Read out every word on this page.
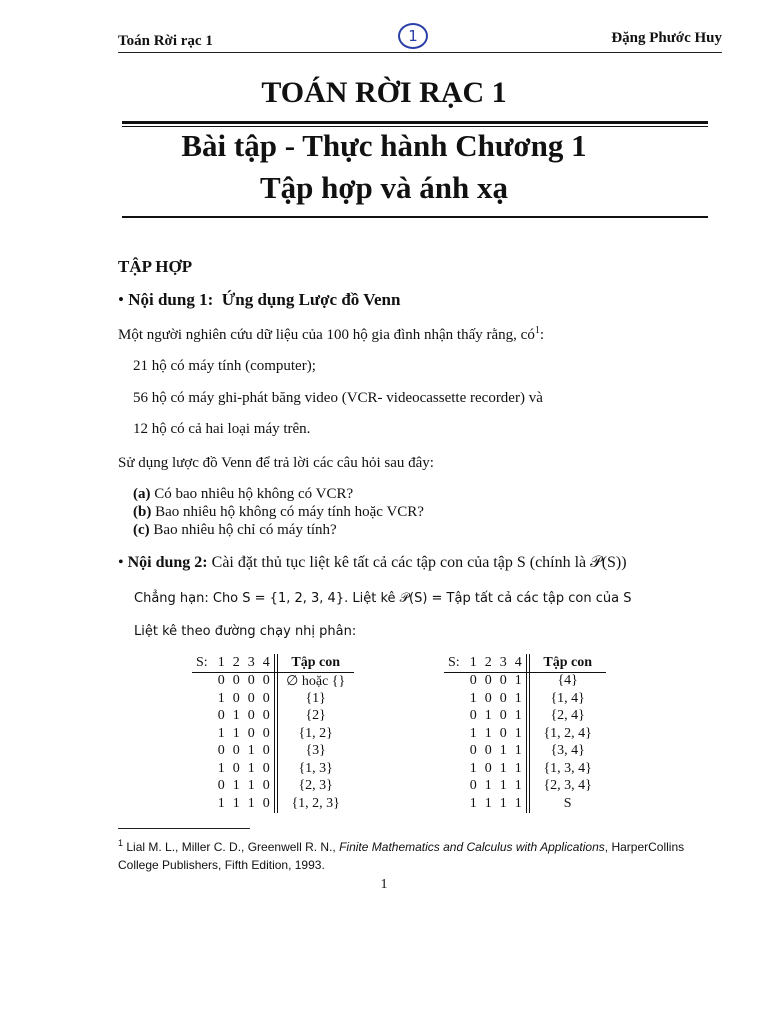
Toán Rời rạc 1	1	Đặng Phước Huy
TOÁN RỜI RẠC 1
Bài tập - Thực hành Chương 1
Tập hợp và ánh xạ
TẬP HỢP
• Nội dung 1: Ứng dụng Lược đồ Venn
Một người nghiên cứu dữ liệu của 100 hộ gia đình nhận thấy rằng, $có^1$:
21 hộ có máy tính (computer);
56 hộ có máy ghi-phát băng video (VCR- videocassette recorder) và
12 hộ có cả hai loại máy trên.
Sử dụng lược đồ Venn để trả lời các câu hỏi sau đây:
(a) Có bao nhiêu hộ không có VCR?
(b) Bao nhiêu hộ không có máy tính hoặc VCR?
(c) Bao nhiêu hộ chỉ có máy tính?
• Nội dung 2: Cài đặt thủ tục liệt kê tất cả các tập con của tập S (chính là 𝒫(S))
Chẳng hạn: Cho S = {1, 2, 3, 4}. Liệt kê 𝒫(S) = Tập tất cả các tập con của S
Liệt kê theo đường chạy nhị phân:
S:	1	2	3	4		Tập con
	0	0	0	0		∅ hoặc {}
	1	0	0	0		{1}
	0	1	0	0		{2}
	1	1	0	0		{1, 2}
	0	0	1	0		{3}
	1	0	1	0		{1, 3}
	0	1	1	0		{2, 3}
	1	1	1	0		{1, 2, 3}
S:	1	2	3	4		Tập con
	0	0	0	1		{4}
	1	0	0	1		{1, 4}
	0	1	0	1		{2, 4}
	1	1	0	1		{1, 2, 4}
	0	0	1	1		{3, 4}
	1	0	1	1		{1, 3, 4}
	0	1	1	1		{2, 3, 4}
	1	1	1	1		S
$^1$ Lial M. L., Miller C. D., Greenwell R. N., Finite Mathematics and Calculus with Applications, HarperCollins College Publishers, Fifth Edition, 1993.
1
